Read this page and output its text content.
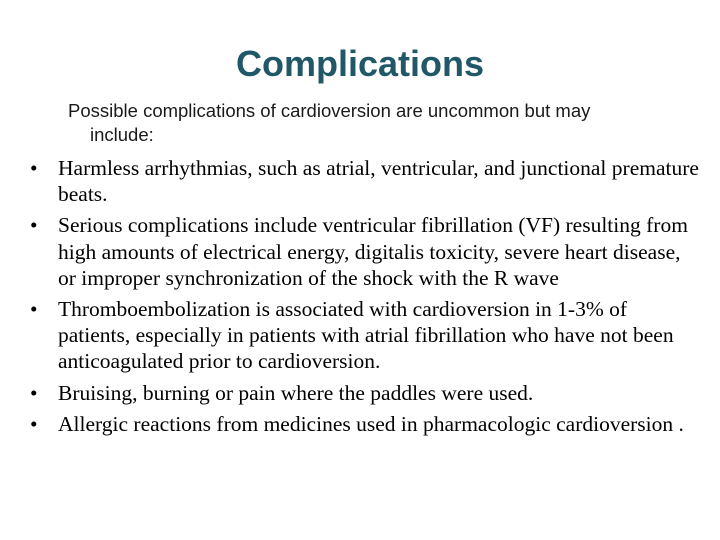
Complications
Possible complications of cardioversion are uncommon but may
include:
• Harmless arrhythmias, such as atrial, ventricular, and junctional premature beats.
• Serious complications include ventricular fibrillation (VF) resulting from high amounts of electrical energy, digitalis toxicity, severe heart disease, or improper synchronization of the shock with the R wave
• Thromboembolization is associated with cardioversion in 1-3% of patients, especially in patients with atrial fibrillation who have not been anticoagulated prior to cardioversion.
• Bruising, burning or pain where the paddles were used.
• Allergic reactions from medicines used in pharmacologic cardioversion .
